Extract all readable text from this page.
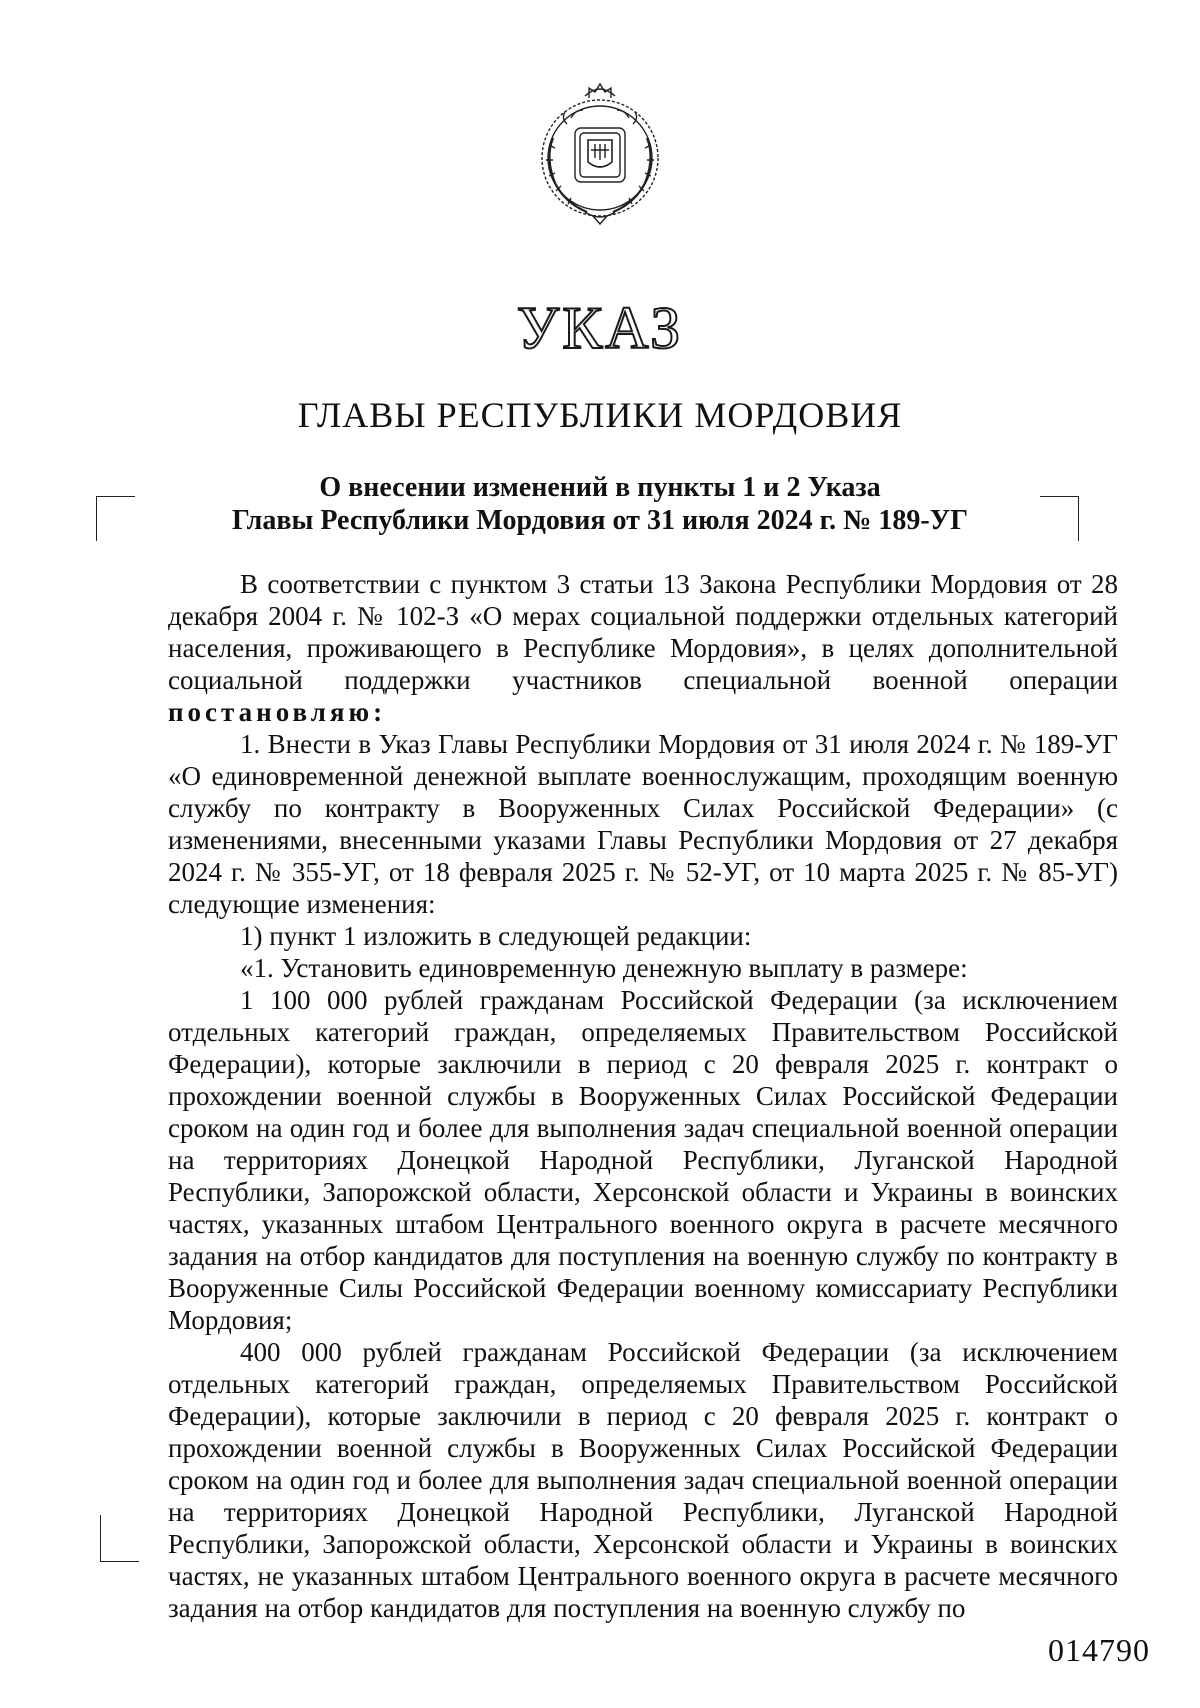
УКАЗ
ГЛАВЫ РЕСПУБЛИКИ МОРДОВИЯ
О внесении изменений в пункты 1 и 2 Указа
Главы Республики Мордовия от 31 июля 2024 г. № 189-УГ

В соответствии с пунктом 3 статьи 13 Закона Республики Мордовия от 28 декабря 2004 г. № 102-З «О мерах социальной поддержки отдельных категорий населения, проживающего в Республике Мордовия», в целях дополнительной социальной поддержки участников специальной военной операции постановляю:

1. Внести в Указ Главы Республики Мордовия от 31 июля 2024 г. № 189-УГ «О единовременной денежной выплате военнослужащим, проходящим военную службу по контракту в Вооруженных Силах Российской Федерации» (с изменениями, внесенными указами Главы Республики Мордовия от 27 декабря 2024 г. № 355-УГ, от 18 февраля 2025 г. № 52-УГ, от 10 марта 2025 г. № 85-УГ) следующие изменения:

1) пункт 1 изложить в следующей редакции:

«1. Установить единовременную денежную выплату в размере:

1 100 000 рублей гражданам Российской Федерации (за исключением отдельных категорий граждан, определяемых Правительством Российской Федерации), которые заключили в период с 20 февраля 2025 г. контракт о прохождении военной службы в Вооруженных Силах Российской Федерации сроком на один год и более для выполнения задач специальной военной операции на территориях Донецкой Народной Республики, Луганской Народной Республики, Запорожской области, Херсонской области и Украины в воинских частях, указанных штабом Центрального военного округа в расчете месячного задания на отбор кандидатов для поступления на военную службу по контракту в Вооруженные Силы Российской Федерации военному комиссариату Республики Мордовия;

400 000 рублей гражданам Российской Федерации (за исключением отдельных категорий граждан, определяемых Правительством Российской Федерации), которые заключили в период с 20 февраля 2025 г. контракт о прохождении военной службы в Вооруженных Силах Российской Федерации сроком на один год и более для выполнения задач специальной военной операции на территориях Донецкой Народной Республики, Луганской Народной Республики, Запорожской области, Херсонской области и Украины в воинских частях, не указанных штабом Центрального военного округа в расчете месячного задания на отбор кандидатов для поступления на военную службу по

014790
